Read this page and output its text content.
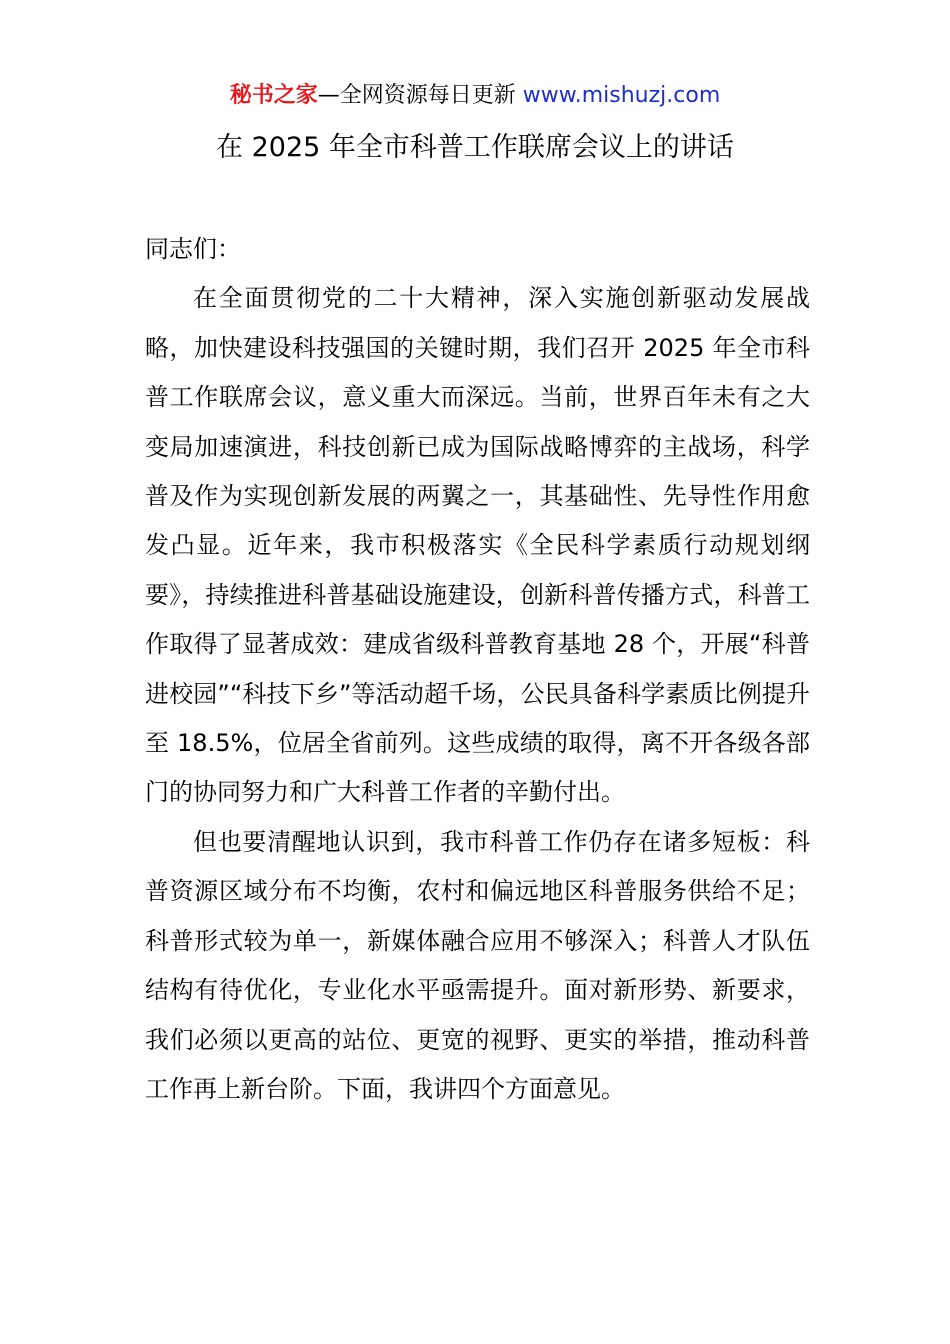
秘书之家—全网资源每日更新 www.mishuzj.com
在 2025 年全市科普工作联席会议上的讲话

同志们：

在全面贯彻党的二十大精神，深入实施创新驱动发展战略，加快建设科技强国的关键时期，我们召开 2025 年全市科普工作联席会议，意义重大而深远。当前，世界百年未有之大变局加速演进，科技创新已成为国际战略博弈的主战场，科学普及作为实现创新发展的两翼之一，其基础性、先导性作用愈发凸显。近年来，我市积极落实《全民科学素质行动规划纲要》，持续推进科普基础设施建设，创新科普传播方式，科普工作取得了显著成效：建成省级科普教育基地 28 个，开展“科普进校园”“科技下乡”等活动超千场，公民具备科学素质比例提升至 18.5%，位居全省前列。这些成绩的取得，离不开各级各部门的协同努力和广大科普工作者的辛勤付出。

但也要清醒地认识到，我市科普工作仍存在诸多短板：科普资源区域分布不均衡，农村和偏远地区科普服务供给不足；科普形式较为单一，新媒体融合应用不够深入；科普人才队伍结构有待优化，专业化水平亟需提升。面对新形势、新要求，我们必须以更高的站位、更宽的视野、更实的举措，推动科普工作再上新台阶。下面，我讲四个方面意见。
